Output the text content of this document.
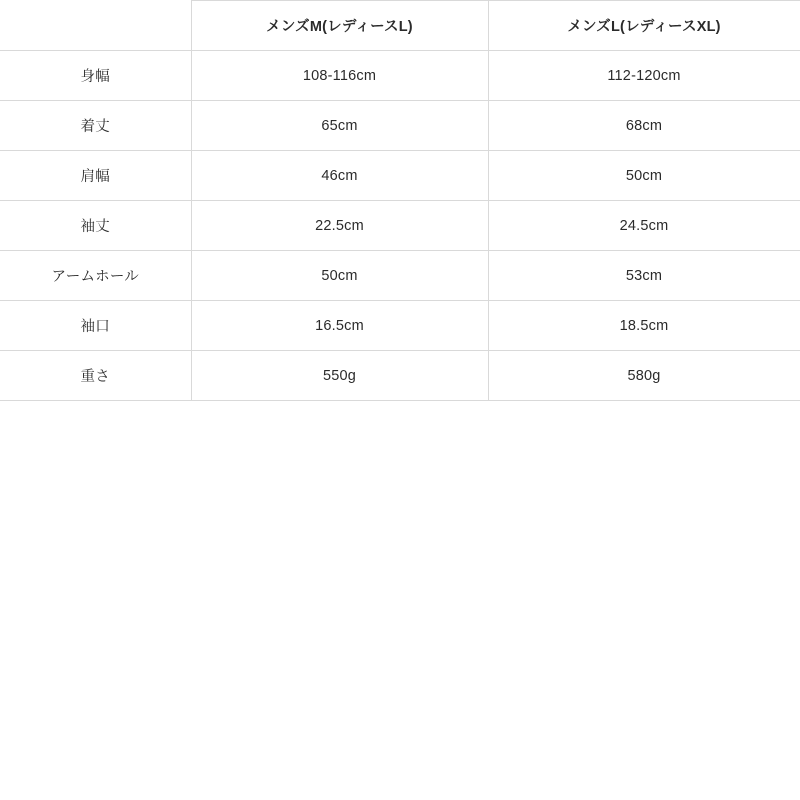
	メンズM(レディースL)	メンズL(レディースXL)
身幅	108-116cm	112-120cm
着丈	65cm	68cm
肩幅	46cm	50cm
袖丈	22.5cm	24.5cm
アームホール	50cm	53cm
袖口	16.5cm	18.5cm
重さ	550g	580g
